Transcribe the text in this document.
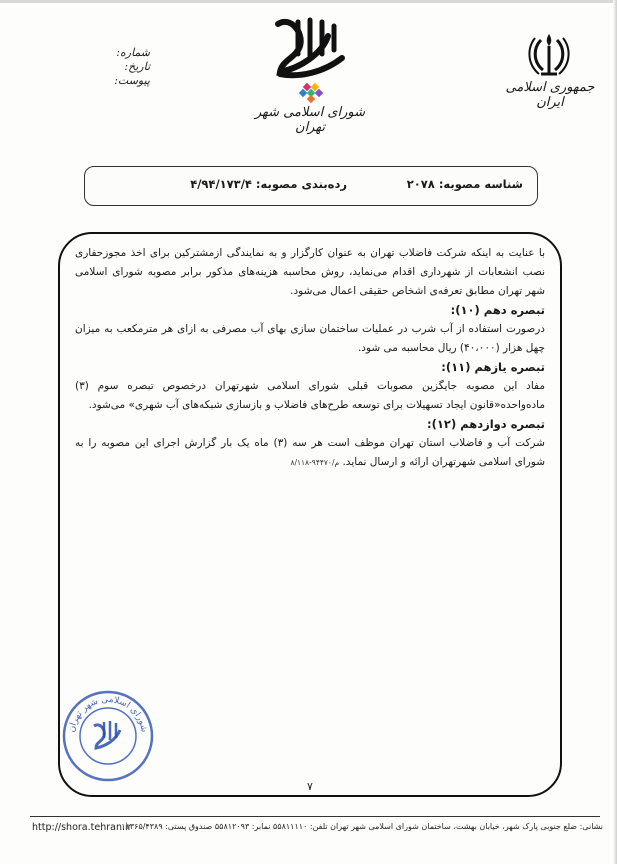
جمهوری اسلامی ایران
شورای اسلامی شهر تهران
شماره:
تاریخ:
پیوست:
شناسه مصوبه: ۲۰۷۸
رده‌بندی مصوبه: ۴/۹۴/۱۷۳/۴

با عنایت به اینکه شرکت فاضلاب تهران به عنوان کارگزار و به نمایندگی ازمشترکین برای اخذ مجوزحفاری نصب انشعابات از شهرداری اقدام می‌نماید، روش محاسبه هزینه‌های مذکور برابر مصوبه شورای اسلامی شهر تهران مطابق تعرفه‌ی اشخاص حقیقی اعمال می‌شود.

تبصره دهم (۱۰):

درصورت استفاده از آب شرب در عملیات ساختمان سازی بهای آب مصرفی به ازای هر مترمکعب به میزان چهل هزار (۴۰،۰۰۰) ریال محاسبه می شود.

تبصره یازهم (۱۱):

مفاد این مصوبه جایگزین مصوبات قبلی شورای اسلامی شهرتهران درخصوص تبصره سوم (۳) ماده‌واحده«قانون ایجاد تسهیلات برای توسعه طرح‌های فاضلاب و بازسازی شبکه‌های آب شهری» می‌شود.

تبصره دوازدهم (۱۲):

شرکت آب و فاضلاب استان تهران موظف است هر سه (۳) ماه یک بار گزارش اجرای این مصوبه را به شورای اسلامی شهرتهران ارائه و ارسال نماید. م/۹۴۴۷۰-۸/۱۱۸

شورای اسلامی شهر تهران
۷
http://shora.tehran.ir
نشانی: ضلع جنوبی پارک شهر، خیابان بهشت، ساختمان شورای اسلامی شهر تهران تلفن: ۵۵۸۱۱۱۱۰ نمابر: ۵۵۸۱۲۰۹۳ صندوق پستی: ۱۱۳۶۵/۴۳۸۹
